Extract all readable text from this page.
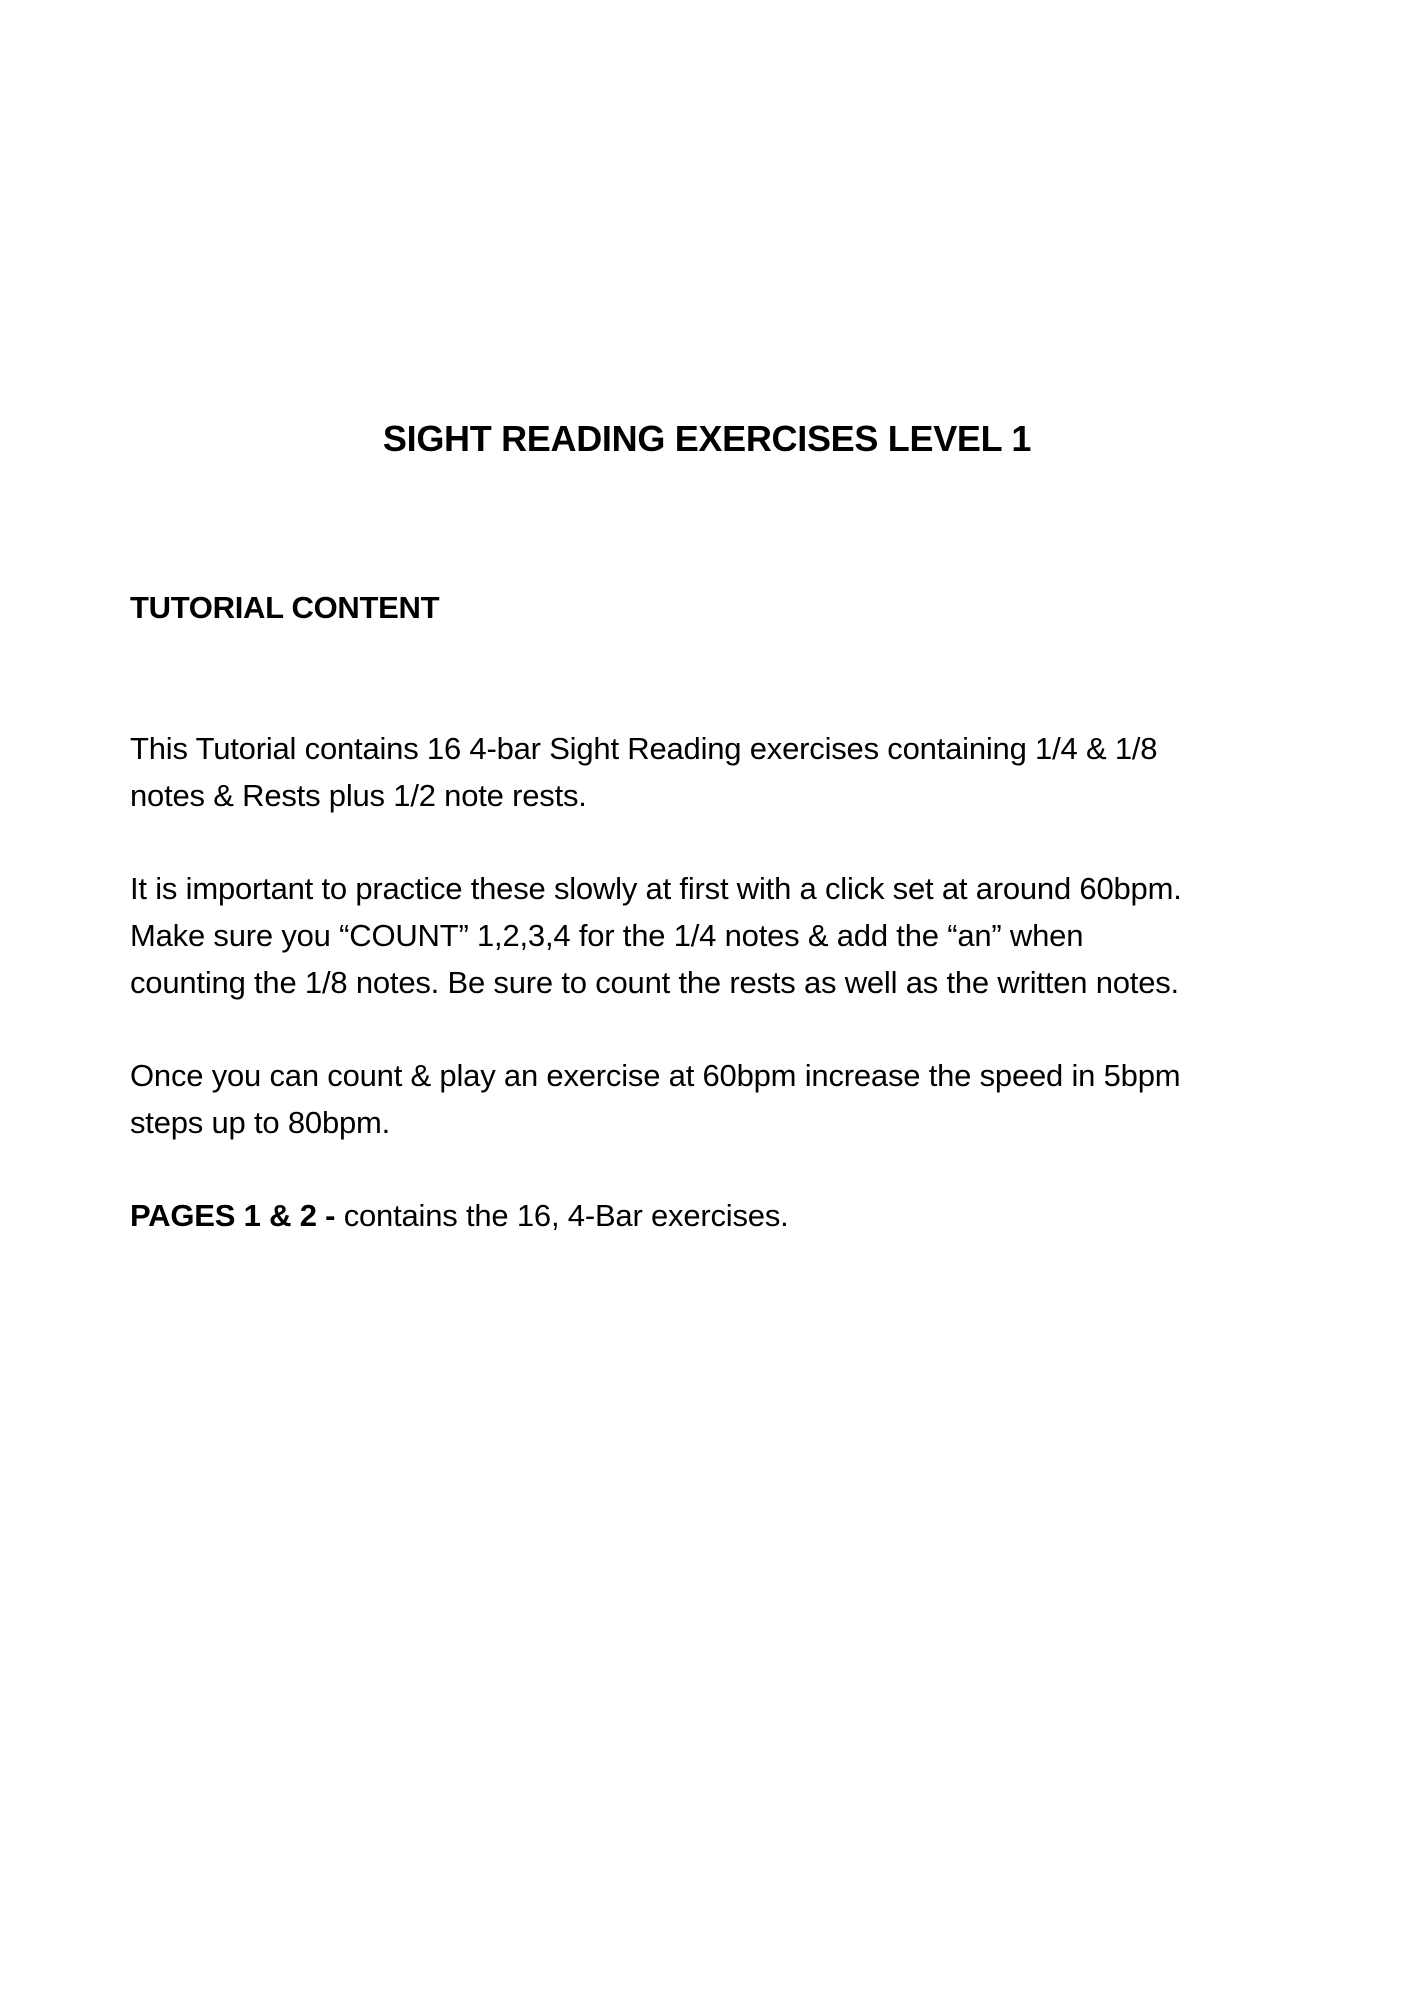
SIGHT READING EXERCISES LEVEL 1
TUTORIAL CONTENT

This Tutorial contains 16 4-bar Sight Reading exercises containing 1/4 & 1/8
notes & Rests plus 1/2 note rests.

It is important to practice these slowly at first with a click set at around 60bpm.
Make sure you “COUNT” 1,2,3,4 for the 1/4 notes & add the “an” when
counting the 1/8 notes. Be sure to count the rests as well as the written notes.

Once you can count & play an exercise at 60bpm increase the speed in 5bpm
steps up to 80bpm.

PAGES 1 & 2 - contains the 16, 4-Bar exercises.
